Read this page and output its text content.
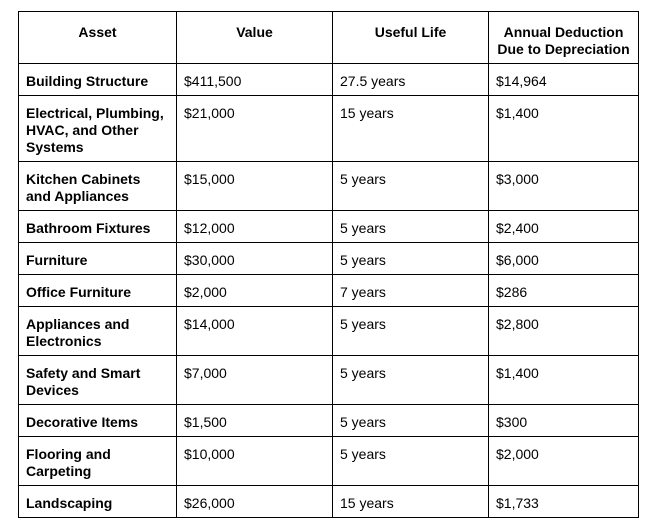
Asset	Value	Useful Life	Annual Deduction Due to Depreciation
Building Structure	$411,500	27.5 years	$14,964
Electrical, Plumbing, HVAC, and Other Systems	$21,000	15 years	$1,400
Kitchen Cabinets and Appliances	$15,000	5 years	$3,000
Bathroom Fixtures	$12,000	5 years	$2,400
Furniture	$30,000	5 years	$6,000
Office Furniture	$2,000	7 years	$286
Appliances and Electronics	$14,000	5 years	$2,800
Safety and Smart Devices	$7,000	5 years	$1,400
Decorative Items	$1,500	5 years	$300
Flooring and Carpeting	$10,000	5 years	$2,000
Landscaping	$26,000	15 years	$1,733
